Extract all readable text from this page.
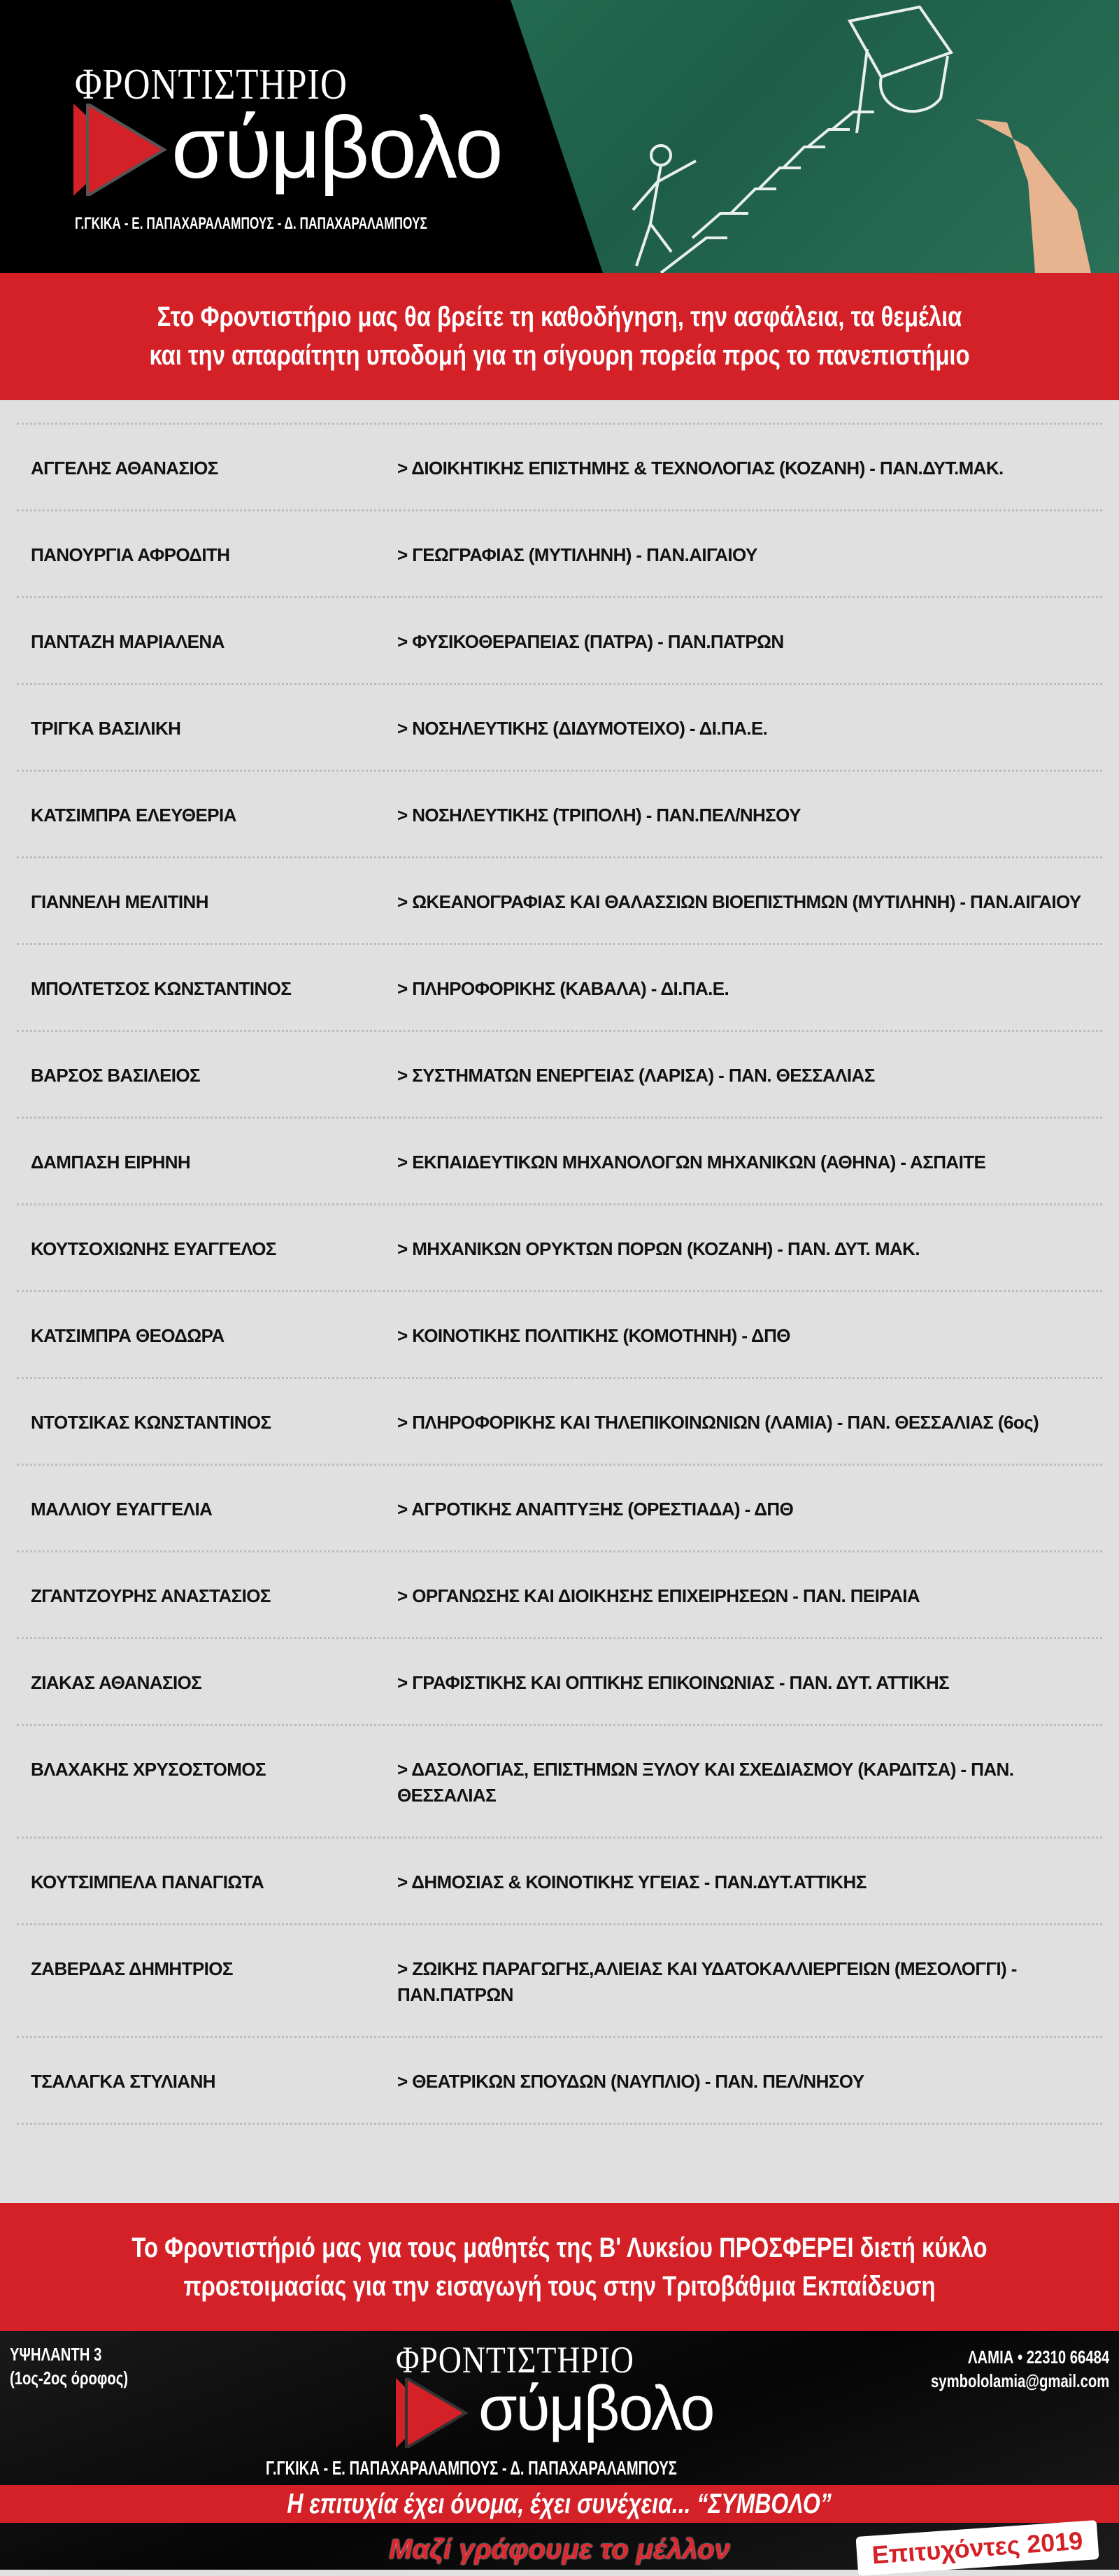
ΦΡΟΝΤΙΣΤΗΡΙΟ
σύμβολο
Γ.ΓΚΙΚΑ - Ε. ΠΑΠΑΧΑΡΑΛΑΜΠΟΥΣ - Δ. ΠΑΠΑΧΑΡΑΛΑΜΠΟΥΣ
Στο Φροντιστήριο μας θα βρείτε τη καθοδήγηση, την ασφάλεια, τα θεμέλια
και την απαραίτητη υποδομή για τη σίγουρη πορεία προς το πανεπιστήμιο
ΑΓΓΕΛΗΣ ΑΘΑΝΑΣΙΟΣ	> ΔΙΟΙΚΗΤΙΚΗΣ ΕΠΙΣΤΗΜΗΣ & ΤΕΧΝΟΛΟΓΙΑΣ (ΚΟΖΑΝΗ) - ΠΑΝ.ΔΥΤ.ΜΑΚ.
ΠΑΝΟΥΡΓΙΑ ΑΦΡΟΔΙΤΗ	> ΓΕΩΓΡΑΦΙΑΣ (ΜΥΤΙΛΗΝΗ) - ΠΑΝ.ΑΙΓΑΙΟΥ
ΠΑΝΤΑΖΗ ΜΑΡΙΑΛΕΝΑ	> ΦΥΣΙΚΟΘΕΡΑΠΕΙΑΣ (ΠΑΤΡΑ) - ΠΑΝ.ΠΑΤΡΩΝ
ΤΡΙΓΚΑ ΒΑΣΙΛΙΚΗ	> ΝΟΣΗΛΕΥΤΙΚΗΣ (ΔΙΔΥΜΟΤΕΙΧΟ) - ΔΙ.ΠΑ.Ε.
ΚΑΤΣΙΜΠΡΑ ΕΛΕΥΘΕΡΙΑ	> ΝΟΣΗΛΕΥΤΙΚΗΣ (ΤΡΙΠΟΛΗ) - ΠΑΝ.ΠΕΛ/ΝΗΣΟΥ
ΓΙΑΝΝΕΛΗ ΜΕΛΙΤΙΝΗ	> ΩΚΕΑΝΟΓΡΑΦΙΑΣ ΚΑΙ ΘΑΛΑΣΣΙΩΝ ΒΙΟΕΠΙΣΤΗΜΩΝ (ΜΥΤΙΛΗΝΗ) - ΠΑΝ.ΑΙΓΑΙΟΥ
ΜΠΟΛΤΕΤΣΟΣ ΚΩΝΣΤΑΝΤΙΝΟΣ	> ΠΛΗΡΟΦΟΡΙΚΗΣ (ΚΑΒΑΛΑ) - ΔΙ.ΠΑ.Ε.
ΒΑΡΣΟΣ ΒΑΣΙΛΕΙΟΣ	> ΣΥΣΤΗΜΑΤΩΝ ΕΝΕΡΓΕΙΑΣ (ΛΑΡΙΣΑ) - ΠΑΝ. ΘΕΣΣΑΛΙΑΣ
ΔΑΜΠΑΣΗ ΕΙΡΗΝΗ	> ΕΚΠΑΙΔΕΥΤΙΚΩΝ ΜΗΧΑΝΟΛΟΓΩΝ ΜΗΧΑΝΙΚΩΝ (ΑΘΗΝΑ) - ΑΣΠΑΙΤΕ
ΚΟΥΤΣΟΧΙΩΝΗΣ ΕΥΑΓΓΕΛΟΣ	> ΜΗΧΑΝΙΚΩΝ ΟΡΥΚΤΩΝ ΠΟΡΩΝ (ΚΟΖΑΝΗ) - ΠΑΝ. ΔΥΤ. ΜΑΚ.
ΚΑΤΣΙΜΠΡΑ ΘΕΟΔΩΡΑ	> ΚΟΙΝΟΤΙΚΗΣ ΠΟΛΙΤΙΚΗΣ (ΚΟΜΟΤΗΝΗ) - ΔΠΘ
ΝΤΟΤΣΙΚΑΣ ΚΩΝΣΤΑΝΤΙΝΟΣ	> ΠΛΗΡΟΦΟΡΙΚΗΣ ΚΑΙ ΤΗΛΕΠΙΚΟΙΝΩΝΙΩΝ (ΛΑΜΙΑ) - ΠΑΝ. ΘΕΣΣΑΛΙΑΣ (6ος)
ΜΑΛΛΙΟΥ ΕΥΑΓΓΕΛΙΑ	> ΑΓΡΟΤΙΚΗΣ ΑΝΑΠΤΥΞΗΣ (ΟΡΕΣΤΙΑΔΑ) - ΔΠΘ
ΖΓΑΝΤΖΟΥΡΗΣ ΑΝΑΣΤΑΣΙΟΣ	> ΟΡΓΑΝΩΣΗΣ ΚΑΙ ΔΙΟΙΚΗΣΗΣ ΕΠΙΧΕΙΡΗΣΕΩΝ - ΠΑΝ. ΠΕΙΡΑΙΑ
ΖΙΑΚΑΣ ΑΘΑΝΑΣΙΟΣ	> ΓΡΑΦΙΣΤΙΚΗΣ ΚΑΙ ΟΠΤΙΚΗΣ ΕΠΙΚΟΙΝΩΝΙΑΣ - ΠΑΝ. ΔΥΤ. ΑΤΤΙΚΗΣ
ΒΛΑΧΑΚΗΣ ΧΡΥΣΟΣΤΟΜΟΣ	> ΔΑΣΟΛΟΓΙΑΣ, ΕΠΙΣΤΗΜΩΝ ΞΥΛΟΥ ΚΑΙ ΣΧΕΔΙΑΣΜΟΥ (ΚΑΡΔΙΤΣΑ) - ΠΑΝ. ΘΕΣΣΑΛΙΑΣ
ΚΟΥΤΣΙΜΠΕΛΑ ΠΑΝΑΓΙΩΤΑ	> ΔΗΜΟΣΙΑΣ & ΚΟΙΝΟΤΙΚΗΣ ΥΓΕΙΑΣ - ΠΑΝ.ΔΥΤ.ΑΤΤΙΚΗΣ
ΖΑΒΕΡΔΑΣ ΔΗΜΗΤΡΙΟΣ	> ΖΩΙΚΗΣ ΠΑΡΑΓΩΓΗΣ,ΑΛΙΕΙΑΣ ΚΑΙ ΥΔΑΤΟΚΑΛΛΙΕΡΓΕΙΩΝ (ΜΕΣΟΛΟΓΓΙ) - ΠΑΝ.ΠΑΤΡΩΝ
ΤΣΑΛΑΓΚΑ ΣΤΥΛΙΑΝΗ	> ΘΕΑΤΡΙΚΩΝ ΣΠΟΥΔΩΝ (ΝΑΥΠΛΙΟ) - ΠΑΝ. ΠΕΛ/ΝΗΣΟΥ
Το Φροντιστήριό μας για τους μαθητές της Β' Λυκείου ΠΡΟΣΦΕΡΕΙ διετή κύκλο
προετοιμασίας για την εισαγωγή τους στην Τριτοβάθμια Εκπαίδευση
ΥΨΗΛΑΝΤΗ 3
(1ος-2ος όροφος)
ΛΑΜΙΑ • 22310 66484
symbololamia@gmail.com
ΦΡΟΝΤΙΣΤΗΡΙΟ
σύμβολο
Γ.ΓΚΙΚΑ - Ε. ΠΑΠΑΧΑΡΑΛΑΜΠΟΥΣ - Δ. ΠΑΠΑΧΑΡΑΛΑΜΠΟΥΣ
Η επιτυχία έχει όνομα, έχει συνέχεια... “ΣΥΜΒΟΛΟ”
Μαζί γράφουμε το μέλλον	Επιτυχόντες 2019
